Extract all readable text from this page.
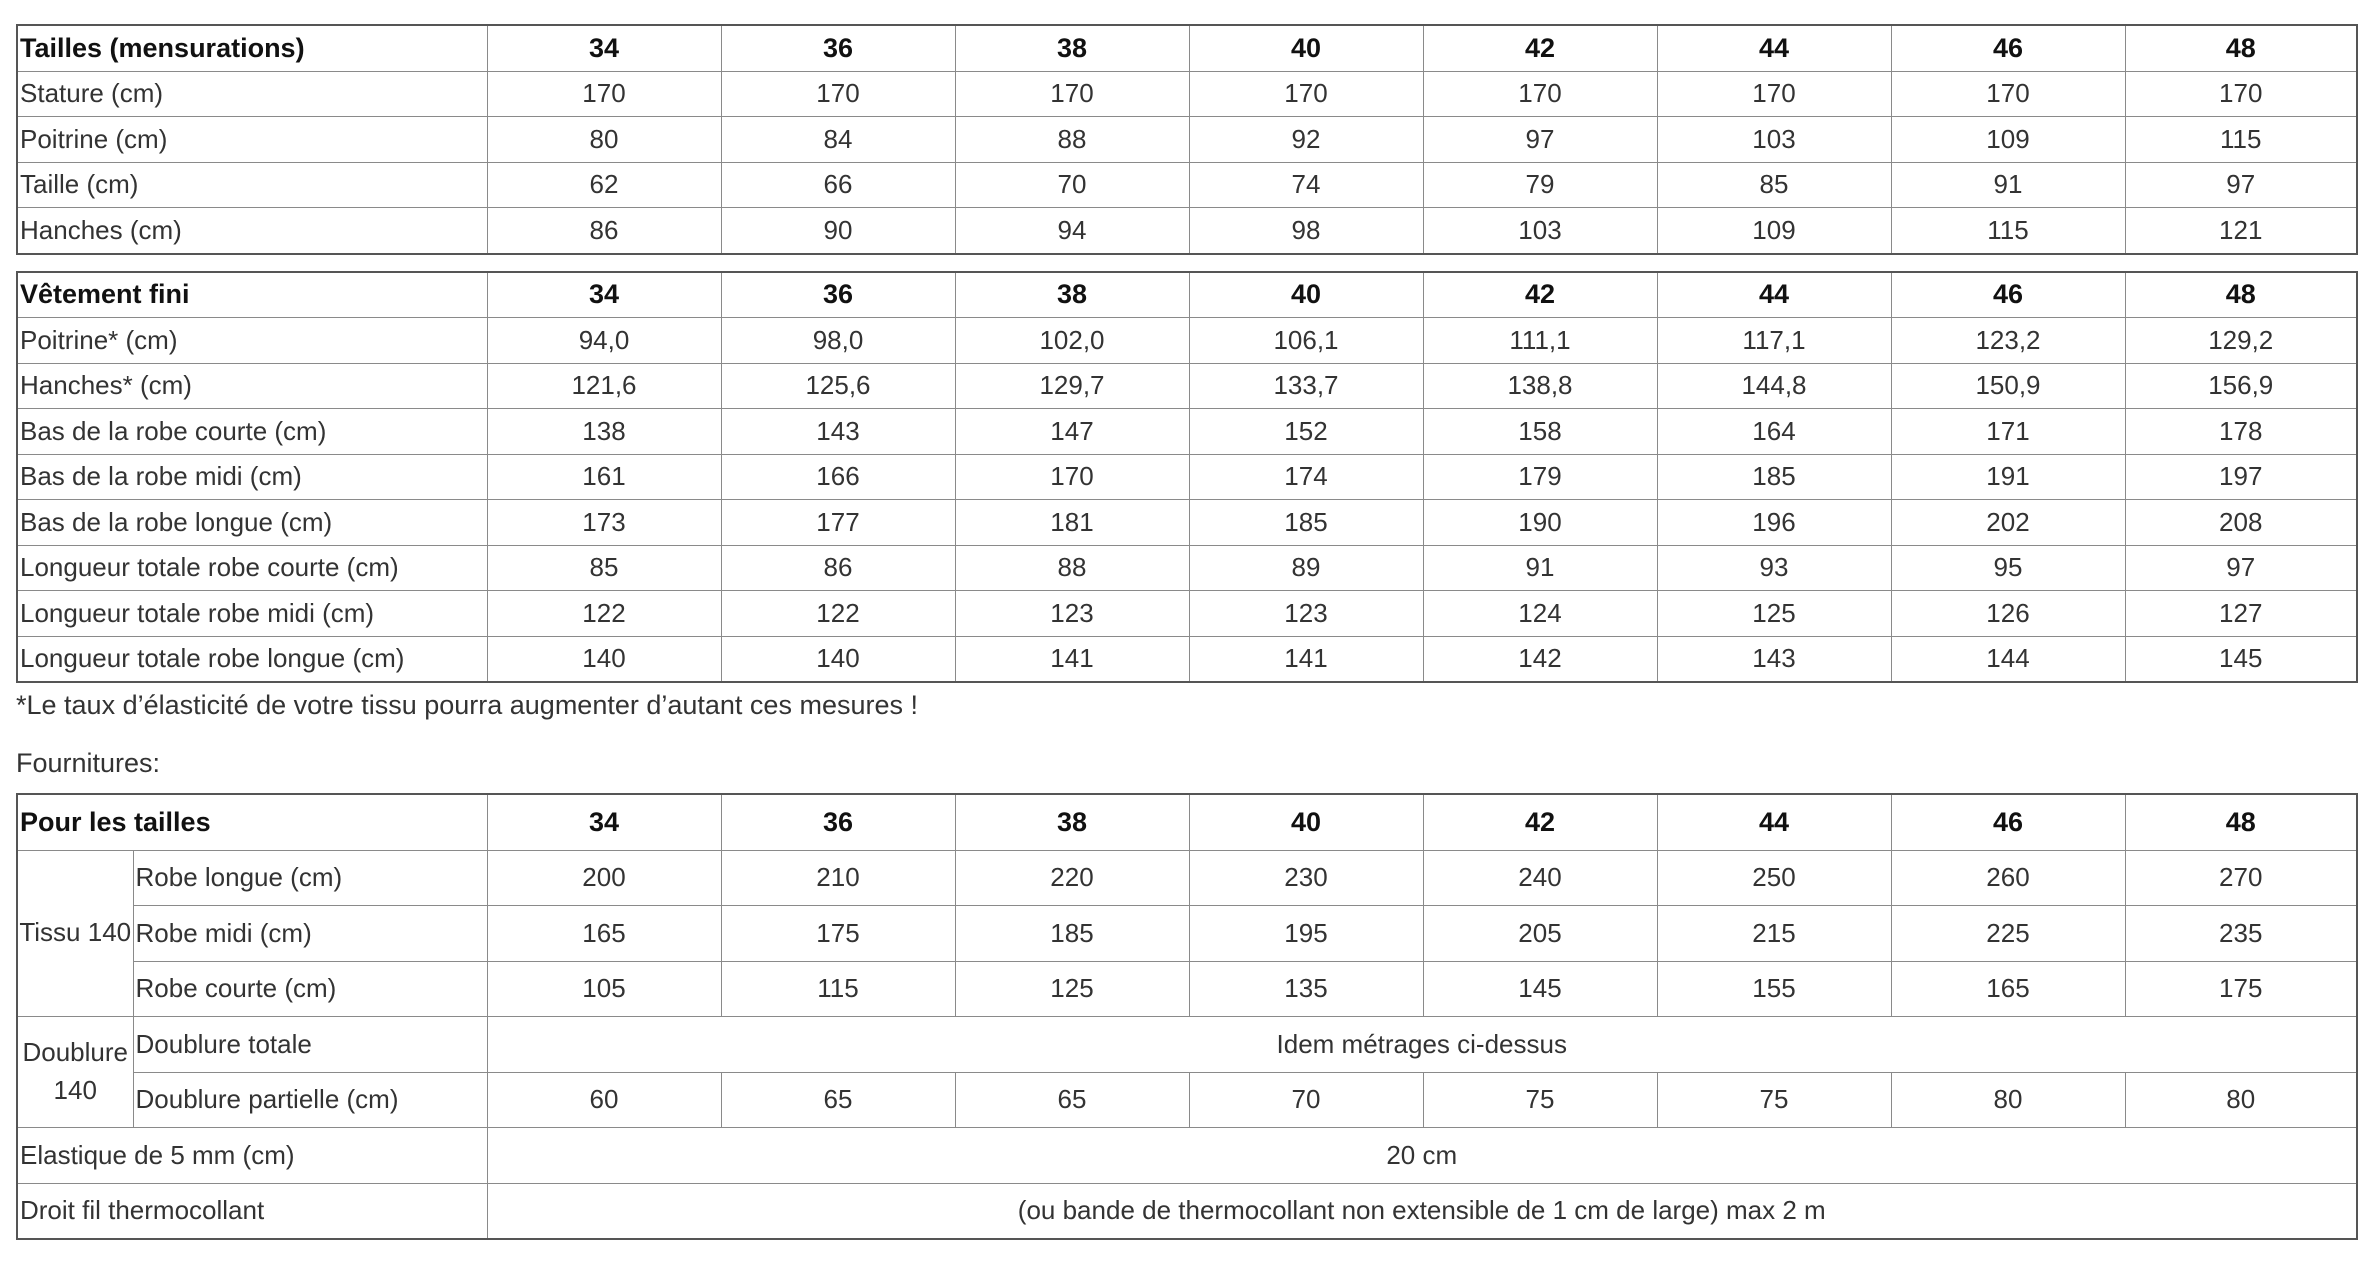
Tailles (mensurations)	34	36	38	40	42	44	46	48
Stature (cm)	170	170	170	170	170	170	170	170
Poitrine (cm)	80	84	88	92	97	103	109	115
Taille (cm)	62	66	70	74	79	85	91	97
Hanches (cm)	86	90	94	98	103	109	115	121
Vêtement fini	34	36	38	40	42	44	46	48
Poitrine* (cm)	94,0	98,0	102,0	106,1	111,1	117,1	123,2	129,2
Hanches* (cm)	121,6	125,6	129,7	133,7	138,8	144,8	150,9	156,9
Bas de la robe courte (cm)	138	143	147	152	158	164	171	178
Bas de la robe midi (cm)	161	166	170	174	179	185	191	197
Bas de la robe longue (cm)	173	177	181	185	190	196	202	208
Longueur totale robe courte (cm)	85	86	88	89	91	93	95	97
Longueur totale robe midi (cm)	122	122	123	123	124	125	126	127
Longueur totale robe longue (cm)	140	140	141	141	142	143	144	145

*Le taux d’élasticité de votre tissu pourra augmenter d’autant ces mesures !

Fournitures:
Pour les tailles		34	36	38	40	42	44	46	48
Tissu 140	Robe longue (cm)	200	210	220	230	240	250	260	270
	Robe midi (cm)	165	175	185	195	205	215	225	235
	Robe courte (cm)	105	115	125	135	145	155	165	175
Doublure 140	Doublure totale	Idem métrages ci-dessus							
	Doublure partielle (cm)	60	65	65	70	75	75	80	80
Elastique de 5 mm (cm)		20 cm							
Droit fil thermocollant		(ou bande de thermocollant non extensible de 1 cm de large) max 2 m							
